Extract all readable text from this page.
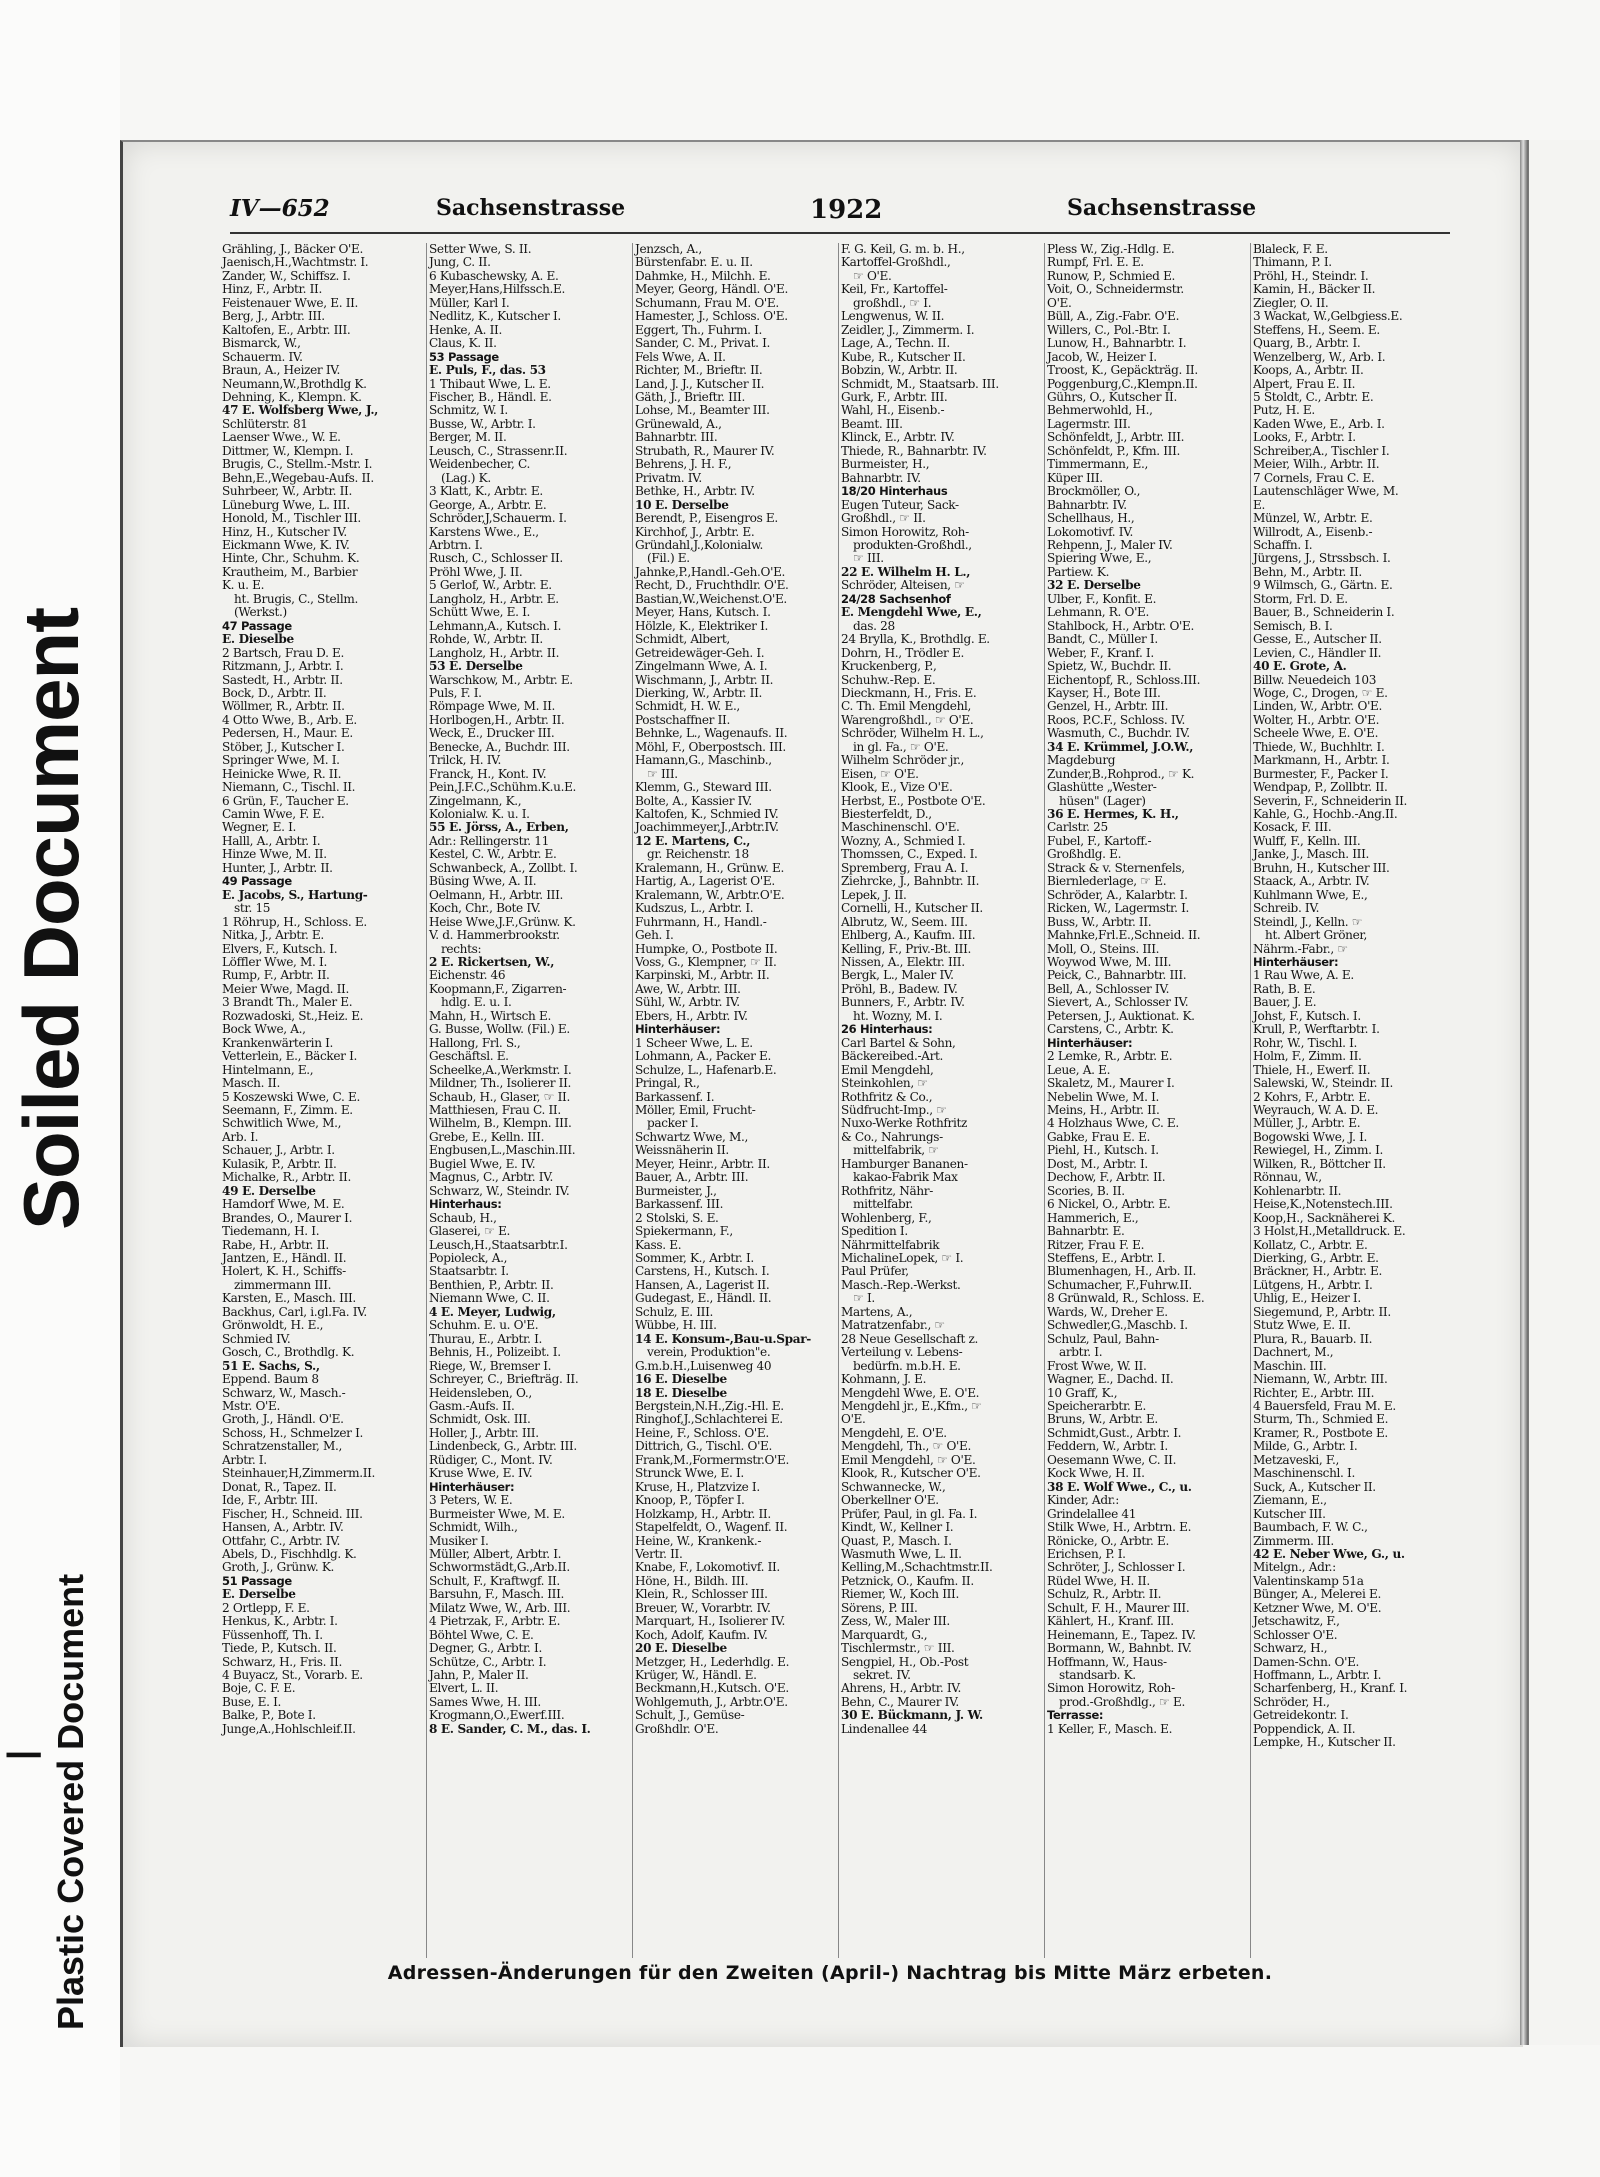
Soiled Document
| Plastic Covered Document
IV—652	Sachsenstrasse	1922	Sachsenstrasse
Grähling, J., Bäcker O'E.
Jaenisch,H.,Wachtmstr. I.
Zander, W., Schiffsz. I.
Hinz, F., Arbtr. II.
Feistenauer Wwe, E. II.
Berg, J., Arbtr. III.
Kaltofen, E., Arbtr. III.
Bismarck, W.,
Schauerm. IV.
Braun, A., Heizer IV.
Neumann,W.,Brothdlg K.
Dehning, K., Klempn. K.
47 E. Wolfsberg Wwe, J.,
Schlüterstr. 81
Laenser Wwe., W. E.
Dittmer, W., Klempn. I.
Brugis, C., Stellm.-Mstr. I.
Behn,E.,Wegebau-Aufs. II.
Suhrbeer, W., Arbtr. II.
Lüneburg Wwe, L. III.
Honold, M., Tischler III.
Hinz, H., Kutscher IV.
Eickmann Wwe, K. IV.
Hinte, Chr., Schuhm. K.
Krautheim, M., Barbier
K. u. E.
ht. Brugis, C., Stellm.
(Werkst.)
47 Passage
E. Dieselbe
2 Bartsch, Frau D. E.
Ritzmann, J., Arbtr. I.
Sastedt, H., Arbtr. II.
Bock, D., Arbtr. II.
Wöllmer, R., Arbtr. II.
4 Otto Wwe, B., Arb. E.
Pedersen, H., Maur. E.
Stöber, J., Kutscher I.
Springer Wwe, M. I.
Heinicke Wwe, R. II.
Niemann, C., Tischl. II.
6 Grün, F., Taucher E.
Camin Wwe, F. E.
Wegner, E. I.
Halll, A., Arbtr. I.
Hinze Wwe, M. II.
Hunter, J., Arbtr. II.
49 Passage
E. Jacobs, S., Hartung-
str. 15
1 Röhrup, H., Schloss. E.
Nitka, J., Arbtr. E.
Elvers, F., Kutsch. I.
Löffler Wwe, M. I.
Rump, F., Arbtr. II.
Meier Wwe, Magd. II.
3 Brandt Th., Maler E.
Rozwadoski, St.,Heiz. E.
Bock Wwe, A.,
Krankenwärterin I.
Vetterlein, E., Bäcker I.
Hintelmann, E.,
Masch. II.
5 Koszewski Wwe, C. E.
Seemann, F., Zimm. E.
Schwitlich Wwe, M.,
Arb. I.
Schauer, J., Arbtr. I.
Kulasik, P., Arbtr. II.
Michalke, R., Arbtr. II.
49 E. Derselbe
Hamdorf Wwe, M. E.
Brandes, O., Maurer I.
Tiedemann, H. I.
Rabe, H., Arbtr. II.
Jantzen, E., Händl. II.
Holert, K. H., Schiffs-
zimmermann III.
Karsten, E., Masch. III.
Backhus, Carl, i.gl.Fa. IV.
Grönwoldt, H. E.,
Schmied IV.
Gosch, C., Brothdlg. K.
51 E. Sachs, S.,
Eppend. Baum 8
Schwarz, W., Masch.-
Mstr. O'E.
Groth, J., Händl. O'E.
Schoss, H., Schmelzer I.
Schratzenstaller, M.,
Arbtr. I.
Steinhauer,H,Zimmerm.II.
Donat, R., Tapez. II.
Ide, F., Arbtr. III.
Fischer, H., Schneid. III.
Hansen, A., Arbtr. IV.
Ottfahr, C., Arbtr. IV.
Abels, D., Fischhdlg. K.
Groth, J., Grünw. K.
51 Passage
E. Derselbe
2 Ortlepp, F. E.
Henkus, K., Arbtr. I.
Füssenhoff, Th. I.
Tiede, P., Kutsch. II.
Schwarz, H., Fris. II.
4 Buyacz, St., Vorarb. E.
Boje, C. F. E.
Buse, E. I.
Balke, P., Bote I.
Junge,A.,Hohlschleif.II.
Setter Wwe, S. II.
Jung, C. II.
6 Kubaschewsky, A. E.
Meyer,Hans,Hilfssch.E.
Müller, Karl I.
Nedlitz, K., Kutscher I.
Henke, A. II.
Claus, K. II.
53 Passage
E. Puls, F., das. 53
1 Thibaut Wwe, L. E.
Fischer, B., Händl. E.
Schmitz, W. I.
Busse, W., Arbtr. I.
Berger, M. II.
Leusch, C., Strassenr.II.
Weidenbecher, C.
(Lag.) K.
3 Klatt, K., Arbtr. E.
George, A., Arbtr. E.
Schröder,J,Schauerm. I.
Karstens Wwe., E.,
Arbtrn. I.
Rusch, C., Schlosser II.
Pröhl Wwe, J. II.
5 Gerlof, W., Arbtr. E.
Langholz, H., Arbtr. E.
Schütt Wwe, E. I.
Lehmann,A., Kutsch. I.
Rohde, W., Arbtr. II.
Langholz, H., Arbtr. II.
53 E. Derselbe
Warschkow, M., Arbtr. E.
Puls, F. I.
Römpage Wwe, M. II.
Horlbogen,H., Arbtr. II.
Weck, E., Drucker III.
Benecke, A., Buchdr. III.
Trilck, H. IV.
Franck, H., Kont. IV.
Pein,J.F.C.,Schühm.K.u.E.
Zingelmann, K.,
Kolonialw. K. u. I.
55 E. Jörss, A., Erben,
Adr.: Rellingerstr. 11
Kestel, C. W., Arbtr. E.
Schwanbeck, A., Zollbt. I.
Büsing Wwe, A. II.
Oelmann, H., Arbtr. III.
Koch, Chr., Bote IV.
Heise Wwe,J.F.,Grünw. K.
V. d. Hammerbrookstr.
rechts:
2 E. Rickertsen, W.,
Eichenstr. 46
Koopmann,F., Zigarren-
hdlg. E. u. I.
Mahn, H., Wirtsch E.
G. Busse, Wollw. (Fil.) E.
Hallong, Frl. S.,
Geschäftsl. E.
Scheelke,A.,Werkmstr. I.
Mildner, Th., Isolierer II.
Schaub, H., Glaser, ☞ II.
Matthiesen, Frau C. II.
Wilhelm, B., Klempn. III.
Grebe, E., Kelln. III.
Engbusen,L.,Maschin.III.
Bugiel Wwe, E. IV.
Magnus, C., Arbtr. IV.
Schwarz, W., Steindr. IV.
Hinterhaus:
Schaub, H.,
Glaserei, ☞ E.
Leusch,H.,Staatsarbtr.I.
Popioleck, A.,
Staatsarbtr. I.
Benthien, P., Arbtr. II.
Niemann Wwe, C. II.
4 E. Meyer, Ludwig,
Schuhm. E. u. O'E.
Thurau, E., Arbtr. I.
Behnis, H., Polizeibt. I.
Riege, W., Bremser I.
Schreyer, C., Briefträg. II.
Heidensleben, O.,
Gasm.-Aufs. II.
Schmidt, Osk. III.
Holler, J., Arbtr. III.
Lindenbeck, G., Arbtr. III.
Rüdiger, C., Mont. IV.
Kruse Wwe, E. IV.
Hinterhäuser:
3 Peters, W. E.
Burmeister Wwe, M. E.
Schmidt, Wilh.,
Musiker I.
Müller, Albert, Arbtr. I.
Schwormstädt,G.,Arb.II.
Schult, F., Kraftwgf. II.
Barsuhn, F., Masch. III.
Milatz Wwe, W., Arb. III.
4 Pietrzak, F., Arbtr. E.
Böhtel Wwe, C. E.
Degner, G., Arbtr. I.
Schütze, C., Arbtr. I.
Jahn, P., Maler II.
Elvert, L. II.
Sames Wwe, H. III.
Krogmann,O.,Ewerf.III.
8 E. Sander, C. M., das. I.
Jenzsch, A.,
Bürstenfabr. E. u. II.
Dahmke, H., Milchh. E.
Meyer, Georg, Händl. O'E.
Schumann, Frau M. O'E.
Hamester, J., Schloss. O'E.
Eggert, Th., Fuhrm. I.
Sander, C. M., Privat. I.
Fels Wwe, A. II.
Richter, M., Brieftr. II.
Land, J. J., Kutscher II.
Gäth, J., Brieftr. III.
Lohse, M., Beamter III.
Grünewald, A.,
Bahnarbtr. III.
Strubath, R., Maurer IV.
Behrens, J. H. F.,
Privatm. IV.
Bethke, H., Arbtr. IV.
10 E. Derselbe
Berendt, P., Eisengros E.
Kirchhof, J., Arbtr. E.
Gründahl,J.,Kolonialw.
(Fil.) E.
Jahnke,P.,Handl.-Geh.O'E.
Recht, D., Fruchthdlr. O'E.
Bastian,W.,Weichenst.O'E.
Meyer, Hans, Kutsch. I.
Hölzle, K., Elektriker I.
Schmidt, Albert,
Getreidewäger-Geh. I.
Zingelmann Wwe, A. I.
Wischmann, J., Arbtr. II.
Dierking, W., Arbtr. II.
Schmidt, H. W. E.,
Postschaffner II.
Behnke, L., Wagenaufs. II.
Möhl, F., Oberpostsch. III.
Hamann,G., Maschinb.,
☞ III.
Klemm, G., Steward III.
Bolte, A., Kassier IV.
Kaltofen, K., Schmied IV.
Joachimmeyer,J.,Arbtr.IV.
12 E. Martens, C.,
gr. Reichenstr. 18
Kralemann, H., Grünw. E.
Hartig, A., Lagerist O'E.
Kralemann, W., Arbtr.O'E.
Kudszus, L., Arbtr. I.
Fuhrmann, H., Handl.-
Geh. I.
Humpke, O., Postbote II.
Voss, G., Klempner, ☞ II.
Karpinski, M., Arbtr. II.
Awe, W., Arbtr. III.
Sühl, W., Arbtr. IV.
Ebers, H., Arbtr. IV.
Hinterhäuser:
1 Scheer Wwe, L. E.
Lohmann, A., Packer E.
Schulze, L., Hafenarb.E.
Pringal, R.,
Barkassenf. I.
Möller, Emil, Frucht-
packer I.
Schwartz Wwe, M.,
Weissnäherin II.
Meyer, Heinr., Arbtr. II.
Bauer, A., Arbtr. III.
Burmeister, J.,
Barkassenf. III.
2 Stolski, S. E.
Spiekermann, F.,
Kass. E.
Sommer, K., Arbtr. I.
Carstens, H., Kutsch. I.
Hansen, A., Lagerist II.
Gudegast, E., Händl. II.
Schulz, E. III.
Wübbe, H. III.
14 E. Konsum-,Bau-u.Spar-
verein, Produktion"e.
G.m.b.H.,Luisenweg 40
16 E. Dieselbe
18 E. Dieselbe
Bergstein,N.H.,Zig.-Hl. E.
Ringhof,J.,Schlachterei E.
Heine, F., Schloss. O'E.
Dittrich, G., Tischl. O'E.
Frank,M.,Formermstr.O'E.
Strunck Wwe, E. I.
Kruse, H., Platzvize I.
Knoop, P., Töpfer I.
Holzkamp, H., Arbtr. II.
Stapelfeldt, O., Wagenf. II.
Heine, W., Krankenk.-
Vertr. II.
Knabe, F., Lokomotivf. II.
Höne, H., Bildh. III.
Klein, R., Schlosser III.
Breuer, W., Vorarbtr. IV.
Marquart, H., Isolierer IV.
Koch, Adolf, Kaufm. IV.
20 E. Dieselbe
Metzger, H., Lederhdlg. E.
Krüger, W., Händl. E.
Beckmann,H.,Kutsch. O'E.
Wohlgemuth, J., Arbtr.O'E.
Schult, J., Gemüse-
Großhdlr. O'E.
F. G. Keil, G. m. b. H.,
Kartoffel-Großhdl.,
☞ O'E.
Keil, Fr., Kartoffel-
großhdl., ☞ I.
Lengwenus, W. II.
Zeidler, J., Zimmerm. I.
Lage, A., Techn. II.
Kube, R., Kutscher II.
Bobzin, W., Arbtr. II.
Schmidt, M., Staatsarb. III.
Gurk, F., Arbtr. III.
Wahl, H., Eisenb.-
Beamt. III.
Klinck, E., Arbtr. IV.
Thiede, R., Bahnarbtr. IV.
Burmeister, H.,
Bahnarbtr. IV.
18/20 Hinterhaus
Eugen Tuteur, Sack-
Großhdl., ☞ II.
Simon Horowitz, Roh-
produkten-Großhdl.,
☞ III.
22 E. Wilhelm H. L.,
Schröder, Alteisen, ☞
24/28 Sachsenhof
E. Mengdehl Wwe, E.,
das. 28
24 Brylla, K., Brothdlg. E.
Dohrn, H., Trödler E.
Kruckenberg, P.,
Schuhw.-Rep. E.
Dieckmann, H., Fris. E.
C. Th. Emil Mengdehl,
Warengroßhdl., ☞ O'E.
Schröder, Wilhelm H. L.,
in gl. Fa., ☞ O'E.
Wilhelm Schröder jr.,
Eisen, ☞ O'E.
Klook, E., Vize O'E.
Herbst, E., Postbote O'E.
Biesterfeldt, D.,
Maschinenschl. O'E.
Wozny, A., Schmied I.
Thomssen, C., Exped. I.
Spremberg, Frau A. I.
Ziehrcke, J., Bahnbtr. II.
Lepek, J. II.
Cornelli, H., Kutscher II.
Albrutz, W., Seem. III.
Ehlberg, A., Kaufm. III.
Kelling, F., Priv.-Bt. III.
Nissen, A., Elektr. III.
Bergk, L., Maler IV.
Pröhl, B., Badew. IV.
Bunners, F., Arbtr. IV.
ht. Wozny, M. I.
26 Hinterhaus:
Carl Bartel & Sohn,
Bäckereibed.-Art.
Emil Mengdehl,
Steinkohlen, ☞
Rothfritz & Co.,
Südfrucht-Imp., ☞
Nuxo-Werke Rothfritz
& Co., Nahrungs-
mittelfabrik, ☞
Hamburger Bananen-
kakao-Fabrik Max
Rothfritz, Nähr-
mittelfabr.
Wohlenberg, F.,
Spedition I.
Nährmittelfabrik
MichalineLopek, ☞ I.
Paul Prüfer,
Masch.-Rep.-Werkst.
☞ I.
Martens, A.,
Matratzenfabr., ☞
28 Neue Gesellschaft z.
Verteilung v. Lebens-
bedürfn. m.b.H. E.
Kohmann, J. E.
Mengdehl Wwe, E. O'E.
Mengdehl jr., E.,Kfm., ☞
O'E.
Mengdehl, E. O'E.
Mengdehl, Th., ☞ O'E.
Emil Mengdehl, ☞ O'E.
Klook, R., Kutscher O'E.
Schwannecke, W.,
Oberkellner O'E.
Prüfer, Paul, in gl. Fa. I.
Kindt, W., Kellner I.
Quast, P., Masch. I.
Wasmuth Wwe, L. II.
Kelling,M.,Schachtmstr.II.
Petznick, O., Kaufm. II.
Riemer, W., Koch III.
Sörens, P. III.
Zess, W., Maler III.
Marquardt, G.,
Tischlermstr., ☞ III.
Sengpiel, H., Ob.-Post
sekret. IV.
Ahrens, H., Arbtr. IV.
Behn, C., Maurer IV.
30 E. Bückmann, J. W.
Lindenallee 44
Pless W., Zig.-Hdlg. E.
Rumpf, Frl. E. E.
Runow, P., Schmied E.
Voit, O., Schneidermstr.
O'E.
Büll, A., Zig.-Fabr. O'E.
Willers, C., Pol.-Btr. I.
Lunow, H., Bahnarbtr. I.
Jacob, W., Heizer I.
Troost, K., Gepäckträg. II.
Poggenburg,C.,Klempn.II.
Gührs, O., Kutscher II.
Behmerwohld, H.,
Lagermstr. III.
Schönfeldt, J., Arbtr. III.
Schönfeldt, P., Kfm. III.
Timmermann, E.,
Küper III.
Brockmöller, O.,
Bahnarbtr. IV.
Schellhaus, H.,
Lokomotivf. IV.
Rehpenn, J., Maler IV.
Spiering Wwe, E.,
Partiew. K.
32 E. Derselbe
Ulber, F., Konfit. E.
Lehmann, R. O'E.
Stahlbock, H., Arbtr. O'E.
Bandt, C., Müller I.
Weber, F., Kranf. I.
Spietz, W., Buchdr. II.
Eichentopf, R., Schloss.III.
Kayser, H., Bote III.
Genzel, H., Arbtr. III.
Roos, P.C.F., Schloss. IV.
Wasmuth, C., Buchdr. IV.
34 E. Krümmel, J.O.W.,
Magdeburg
Zunder,B.,Rohprod., ☞ K.
Glashütte „Wester-
hüsen" (Lager)
36 E. Hermes, K. H.,
Carlstr. 25
Fubel, F., Kartoff.-
Großhdlg. E.
Strack & v. Sternenfels,
Biernlederlage, ☞ E.
Schröder, A., Kalarbtr. I.
Ricken, W., Lagermstr. I.
Buss, W., Arbtr. II.
Mahnke,Frl.E.,Schneid. II.
Moll, O., Steins. III.
Woywod Wwe, M. III.
Peick, C., Bahnarbtr. III.
Bell, A., Schlosser IV.
Sievert, A., Schlosser IV.
Petersen, J., Auktionat. K.
Carstens, C., Arbtr. K.
Hinterhäuser:
2 Lemke, R., Arbtr. E.
Leue, A. E.
Skaletz, M., Maurer I.
Nebelin Wwe, M. I.
Meins, H., Arbtr. II.
4 Holzhaus Wwe, C. E.
Gabke, Frau E. E.
Piehl, H., Kutsch. I.
Dost, M., Arbtr. I.
Dechow, F., Arbtr. II.
Scories, B. II.
6 Nickel, O., Arbtr. E.
Hammerich, E.,
Bahnarbtr. E.
Ritzer, Frau F. E.
Steffens, E., Arbtr. I.
Blumenhagen, H., Arb. II.
Schumacher, F.,Fuhrw.II.
8 Grünwald, R., Schloss. E.
Wards, W., Dreher E.
Schwedler,G.,Maschb. I.
Schulz, Paul, Bahn-
arbtr. I.
Frost Wwe, W. II.
Wagner, E., Dachd. II.
10 Graff, K.,
Speicherarbtr. E.
Bruns, W., Arbtr. E.
Schmidt,Gust., Arbtr. I.
Feddern, W., Arbtr. I.
Oesemann Wwe, C. II.
Kock Wwe, H. II.
38 E. Wolf Wwe., C., u.
Kinder, Adr.:
Grindelallee 41
Stilk Wwe, H., Arbtrn. E.
Rönicke, O., Arbtr. E.
Erichsen, P. I.
Schröter, J., Schlosser I.
Rüdel Wwe, H. II.
Schulz, R., Arbtr. II.
Schult, F. H., Maurer III.
Kählert, H., Kranf. III.
Heinemann, E., Tapez. IV.
Bormann, W., Bahnbt. IV.
Hoffmann, W., Haus-
standsarb. K.
Simon Horowitz, Roh-
prod.-Großhdlg., ☞ E.
Terrasse:
1 Keller, F., Masch. E.
Blaleck, F. E.
Thimann, P. I.
Pröhl, H., Steindr. I.
Kamin, H., Bäcker II.
Ziegler, O. II.
3 Wackat, W.,Gelbgiess.E.
Steffens, H., Seem. E.
Quarg, B., Arbtr. I.
Wenzelberg, W., Arb. I.
Koops, A., Arbtr. II.
Alpert, Frau E. II.
5 Stoldt, C., Arbtr. E.
Putz, H. E.
Kaden Wwe, E., Arb. I.
Looks, F., Arbtr. I.
Schreiber,A., Tischler I.
Meier, Wilh., Arbtr. II.
7 Cornels, Frau C. E.
Lautenschläger Wwe, M.
E.
Münzel, W., Arbtr. E.
Willrodt, A., Eisenb.-
Schaffn. I.
Jürgens, J., Strssbsch. I.
Behn, M., Arbtr. II.
9 Wilmsch, G., Gärtn. E.
Storm, Frl. D. E.
Bauer, B., Schneiderin I.
Semisch, B. I.
Gesse, E., Autscher II.
Levien, C., Händler II.
40 E. Grote, A.
Billw. Neuedeich 103
Woge, C., Drogen, ☞ E.
Linden, W., Arbtr. O'E.
Wolter, H., Arbtr. O'E.
Scheele Wwe, E. O'E.
Thiede, W., Buchhltr. I.
Markmann, H., Arbtr. I.
Burmester, F., Packer I.
Wendpap, P., Zollbtr. II.
Severin, F., Schneiderin II.
Kahle, G., Hochb.-Ang.II.
Kosack, F. III.
Wulff, F., Kelln. III.
Janke, J., Masch. III.
Bruhn, H., Kutscher III.
Staack, A., Arbtr. IV.
Kuhlmann Wwe, E.,
Schreib. IV.
Steindl, J., Kelln. ☞
ht. Albert Gröner,
Nährm.-Fabr., ☞
Hinterhäuser:
1 Rau Wwe, A. E.
Rath, B. E.
Bauer, J. E.
Johst, F., Kutsch. I.
Krull, P., Werftarbtr. I.
Rohr, W., Tischl. I.
Holm, F., Zimm. II.
Thiele, H., Ewerf. II.
Salewski, W., Steindr. II.
2 Kohrs, F., Arbtr. E.
Weyrauch, W. A. D. E.
Müller, J., Arbtr. E.
Bogowski Wwe, J. I.
Rewiegel, H., Zimm. I.
Wilken, R., Böttcher II.
Rönnau, W.,
Kohlenarbtr. II.
Heise,K.,Notenstech.III.
Koop,H., Sacknäherei K.
3 Holst,H.,Metalldruck. E.
Kollatz, C., Arbtr. E.
Dierking, G., Arbtr. E.
Bräckner, H., Arbtr. E.
Lütgens, H., Arbtr. I.
Uhlig, E., Heizer I.
Siegemund, P., Arbtr. II.
Stutz Wwe, E. II.
Plura, R., Bauarb. II.
Dachnert, M.,
Maschin. III.
Niemann, W., Arbtr. III.
Richter, E., Arbtr. III.
4 Bauersfeld, Frau M. E.
Sturm, Th., Schmied E.
Kramer, R., Postbote E.
Milde, G., Arbtr. I.
Metzaveski, F.,
Maschinenschl. I.
Suck, A., Kutscher II.
Ziemann, E.,
Kutscher III.
Baumbach, F. W. C.,
Zimmerm. III.
42 E. Neber Wwe, G., u.
Mitelgn., Adr.:
Valentinskamp 51a
Bünger, A., Melerei E.
Ketzner Wwe, M. O'E.
Jetschawitz, F.,
Schlosser O'E.
Schwarz, H.,
Damen-Schn. O'E.
Hoffmann, L., Arbtr. I.
Scharfenberg, H., Kranf. I.
Schröder, H.,
Getreidekontr. I.
Poppendick, A. II.
Lempke, H., Kutscher II.
Adressen-Änderungen für den Zweiten (April-) Nachtrag bis Mitte März erbeten.
